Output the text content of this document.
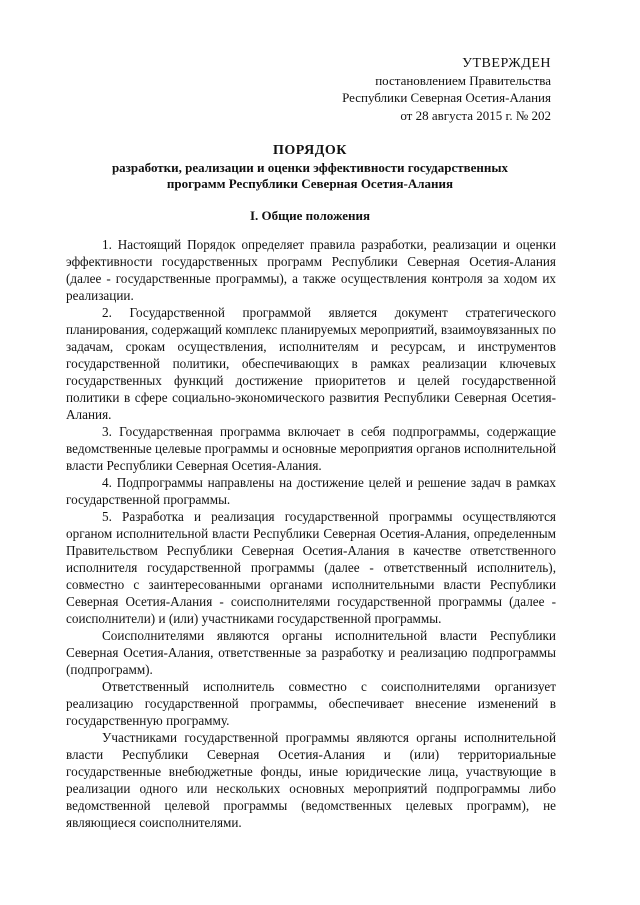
УТВЕРЖДЕН
постановлением Правительства
Республики Северная Осетия-Алания
от 28 августа 2015 г. № 202
ПОРЯДОК
разработки, реализации и оценки эффективности государственных
программ Республики Северная Осетия-Алания
I. Общие положения

1. Настоящий Порядок определяет правила разработки, реализации и оценки эффективности государственных программ Республики Северная Осетия-Алания (далее - государственные программы), а также осуществления контроля за ходом их реализации.

2. Государственной программой является документ стратегического планирования, содержащий комплекс планируемых мероприятий, взаимоувязанных по задачам, срокам осуществления, исполнителям и ресурсам, и инструментов государственной политики, обеспечивающих в рамках реализации ключевых государственных функций достижение приоритетов и целей государственной политики в сфере социально-экономического развития Республики Северная Осетия-Алания.

3. Государственная программа включает в себя подпрограммы, содержащие ведомственные целевые программы и основные мероприятия органов исполнительной власти Республики Северная Осетия-Алания.

4. Подпрограммы направлены на достижение целей и решение задач в рамках государственной программы.

5. Разработка и реализация государственной программы осуществляются органом исполнительной власти Республики Северная Осетия-Алания, определенным Правительством Республики Северная Осетия-Алания в качестве ответственного исполнителя государственной программы (далее - ответственный исполнитель), совместно с заинтересованными органами исполнительными власти Республики Северная Осетия-Алания - соисполнителями государственной программы (далее - соисполнители) и (или) участниками государственной программы.

Соисполнителями являются органы исполнительной власти Республики Северная Осетия-Алания, ответственные за разработку и реализацию подпрограммы (подпрограмм).

Ответственный исполнитель совместно с соисполнителями организует реализацию государственной программы, обеспечивает внесение изменений в государственную программу.

Участниками государственной программы являются органы исполнительной власти Республики Северная Осетия-Алания и (или) территориальные государственные внебюджетные фонды, иные юридические лица, участвующие в реализации одного или нескольких основных мероприятий подпрограммы либо ведомственной целевой программы (ведомственных целевых программ), не являющиеся соисполнителями.
